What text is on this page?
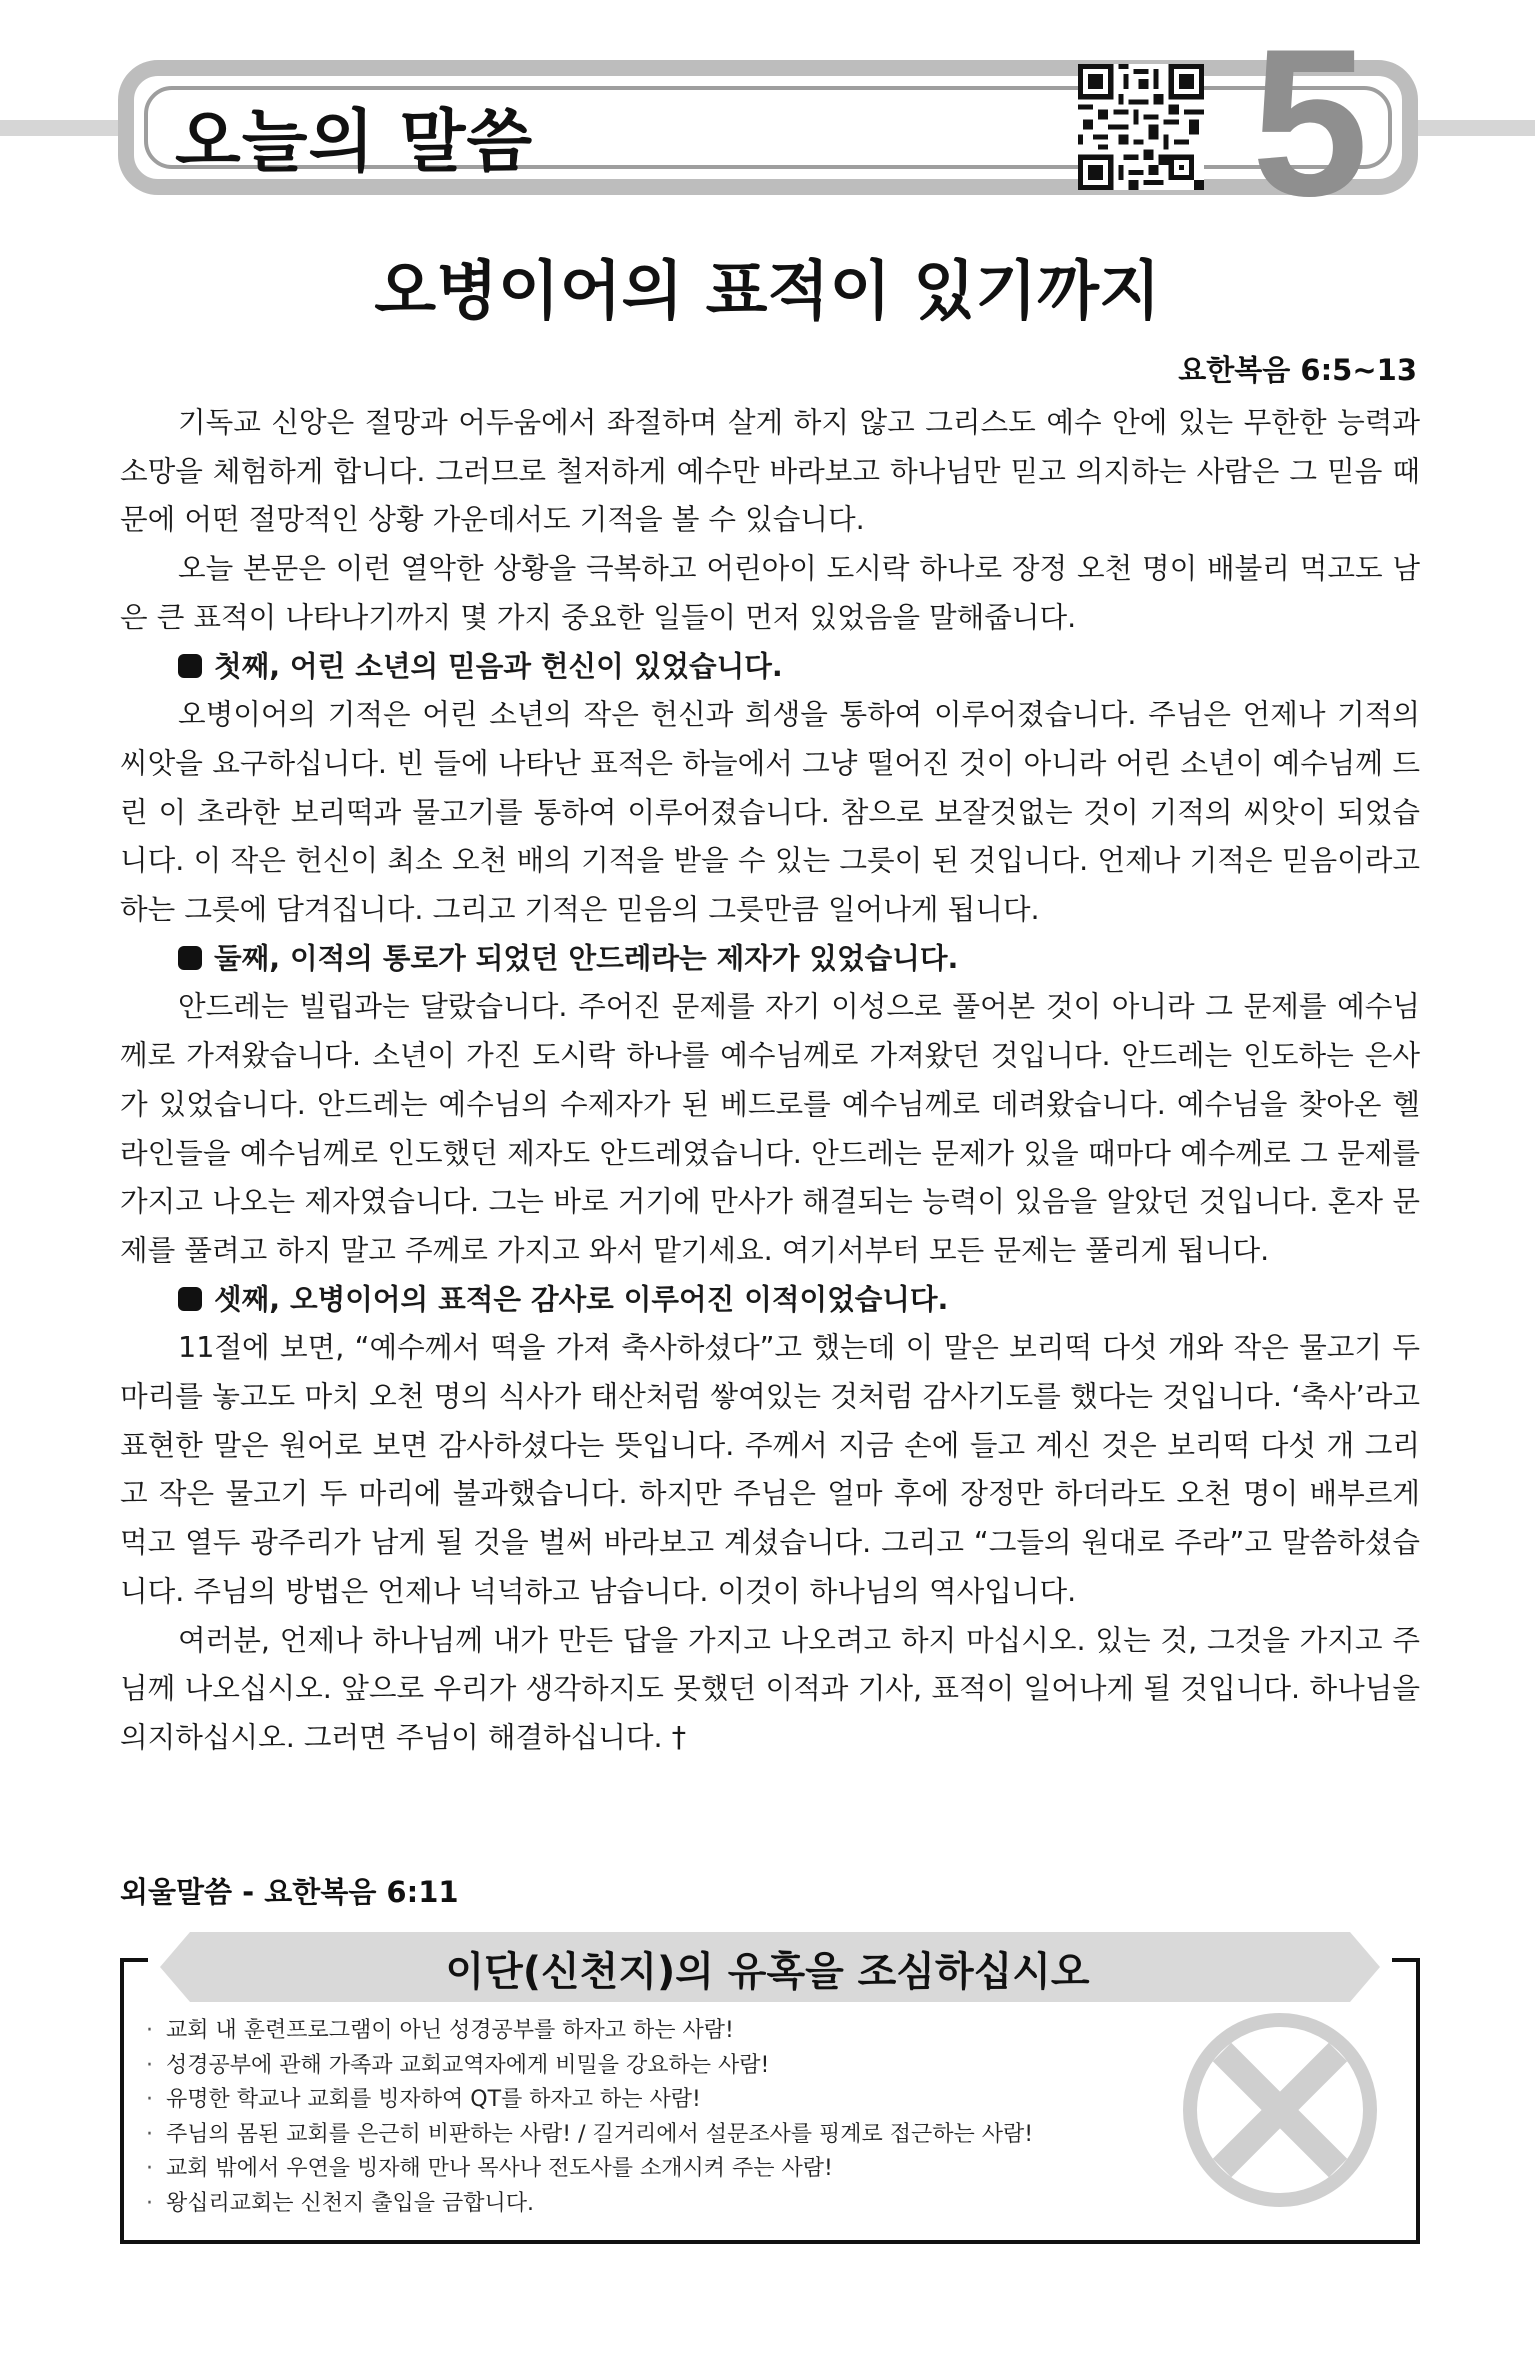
오늘의 말씀	5
오병이어의 표적이 있기까지
요한복음 6:5~13

기독교 신앙은 절망과 어두움에서 좌절하며 살게 하지 않고 그리스도 예수 안에 있는 무한한 능력과 소망을 체험하게 합니다. 그러므로 철저하게 예수만 바라보고 하나님만 믿고 의지하는 사람은 그 믿음 때문에 어떤 절망적인 상황 가운데서도 기적을 볼 수 있습니다.

오늘 본문은 이런 열악한 상황을 극복하고 어린아이 도시락 하나로 장정 오천 명이 배불리 먹고도 남은 큰 표적이 나타나기까지 몇 가지 중요한 일들이 먼저 있었음을 말해줍니다.

첫째, 어린 소년의 믿음과 헌신이 있었습니다.

오병이어의 기적은 어린 소년의 작은 헌신과 희생을 통하여 이루어졌습니다. 주님은 언제나 기적의 씨앗을 요구하십니다. 빈 들에 나타난 표적은 하늘에서 그냥 떨어진 것이 아니라 어린 소년이 예수님께 드린 이 초라한 보리떡과 물고기를 통하여 이루어졌습니다. 참으로 보잘것없는 것이 기적의 씨앗이 되었습니다. 이 작은 헌신이 최소 오천 배의 기적을 받을 수 있는 그릇이 된 것입니다. 언제나 기적은 믿음이라고 하는 그릇에 담겨집니다. 그리고 기적은 믿음의 그릇만큼 일어나게 됩니다.

둘째, 이적의 통로가 되었던 안드레라는 제자가 있었습니다.

안드레는 빌립과는 달랐습니다. 주어진 문제를 자기 이성으로 풀어본 것이 아니라 그 문제를 예수님께로 가져왔습니다. 소년이 가진 도시락 하나를 예수님께로 가져왔던 것입니다. 안드레는 인도하는 은사가 있었습니다. 안드레는 예수님의 수제자가 된 베드로를 예수님께로 데려왔습니다. 예수님을 찾아온 헬라인들을 예수님께로 인도했던 제자도 안드레였습니다. 안드레는 문제가 있을 때마다 예수께로 그 문제를 가지고 나오는 제자였습니다. 그는 바로 거기에 만사가 해결되는 능력이 있음을 알았던 것입니다. 혼자 문제를 풀려고 하지 말고 주께로 가지고 와서 맡기세요. 여기서부터 모든 문제는 풀리게 됩니다.

셋째, 오병이어의 표적은 감사로 이루어진 이적이었습니다.

11절에 보면, “예수께서 떡을 가져 축사하셨다”고 했는데 이 말은 보리떡 다섯 개와 작은 물고기 두 마리를 놓고도 마치 오천 명의 식사가 태산처럼 쌓여있는 것처럼 감사기도를 했다는 것입니다. ‘축사’라고 표현한 말은 원어로 보면 감사하셨다는 뜻입니다. 주께서 지금 손에 들고 계신 것은 보리떡 다섯 개 그리고 작은 물고기 두 마리에 불과했습니다. 하지만 주님은 얼마 후에 장정만 하더라도 오천 명이 배부르게 먹고 열두 광주리가 남게 될 것을 벌써 바라보고 계셨습니다. 그리고 “그들의 원대로 주라”고 말씀하셨습니다. 주님의 방법은 언제나 넉넉하고 남습니다. 이것이 하나님의 역사입니다.

여러분, 언제나 하나님께 내가 만든 답을 가지고 나오려고 하지 마십시오. 있는 것, 그것을 가지고 주님께 나오십시오. 앞으로 우리가 생각하지도 못했던 이적과 기사, 표적이 일어나게 될 것입니다. 하나님을 의지하십시오. 그러면 주님이 해결하십니다. †

외울말씀 - 요한복음 6:11
이단(신천지)의 유혹을 조심하십시오
· 교회 내 훈련프로그램이 아닌 성경공부를 하자고 하는 사람!
· 성경공부에 관해 가족과 교회교역자에게 비밀을 강요하는 사람!
· 유명한 학교나 교회를 빙자하여 QT를 하자고 하는 사람!
· 주님의 몸된 교회를 은근히 비판하는 사람! / 길거리에서 설문조사를 핑계로 접근하는 사람!
· 교회 밖에서 우연을 빙자해 만나 목사나 전도사를 소개시켜 주는 사람!
· 왕십리교회는 신천지 출입을 금합니다.
